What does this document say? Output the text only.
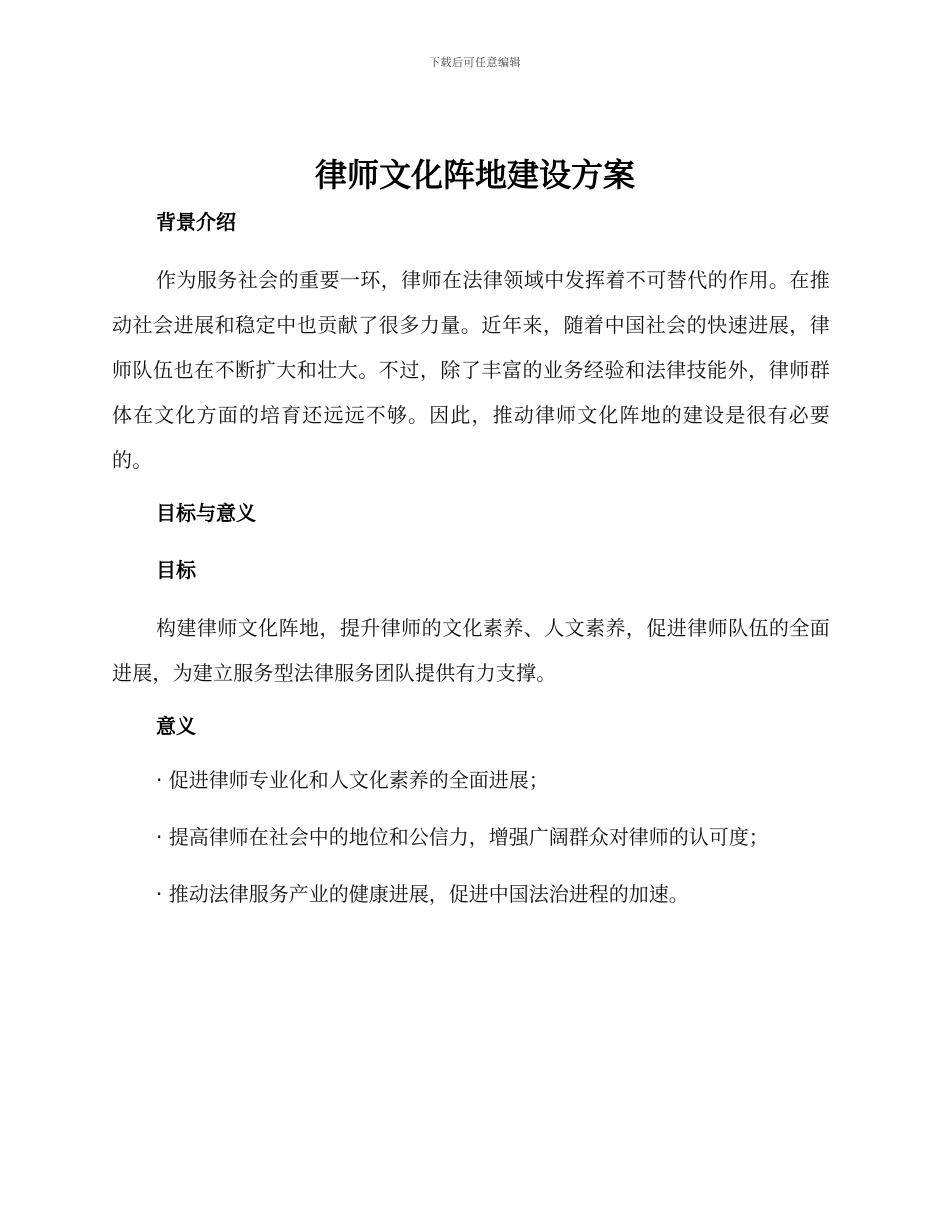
下载后可任意编辑
律师文化阵地建设方案
背景介绍

作为服务社会的重要一环，律师在法律领域中发挥着不可替代的作用。在推动社会进展和稳定中也贡献了很多力量。近年来，随着中国社会的快速进展，律师队伍也在不断扩大和壮大。不过，除了丰富的业务经验和法律技能外，律师群体在文化方面的培育还远远不够。因此，推动律师文化阵地的建设是很有必要的。

目标与意义
目标

构建律师文化阵地，提升律师的文化素养、人文素养，促进律师队伍的全面进展，为建立服务型法律服务团队提供有力支撑。

意义

· 促进律师专业化和人文化素养的全面进展；

· 提高律师在社会中的地位和公信力，增强广阔群众对律师的认可度；

· 推动法律服务产业的健康进展，促进中国法治进程的加速。
